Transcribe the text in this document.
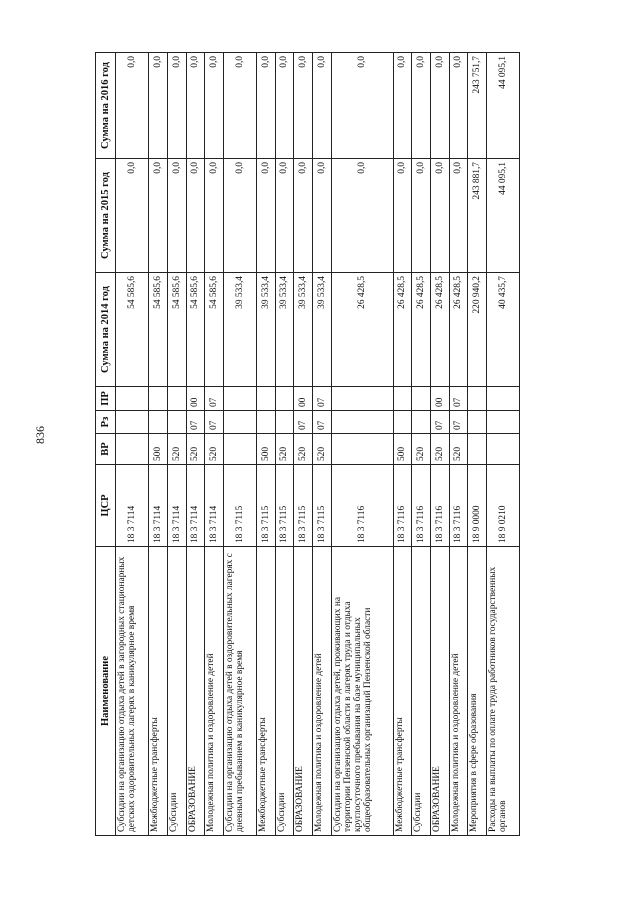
836
Наименование	ЦСР	ВР	Рз	ПР	Сумма на 2014 год	Сумма на 2015 год	Сумма на 2016 год
Субсидии на организацию отдыха детей в загородных стационарных детских оздоровительных лагерях в каникулярное время	18 3 7114				54 585,6	0,0	0,0
Межбюджетные трансферты	18 3 7114	500			54 585,6	0,0	0,0
Субсидии	18 3 7114	520			54 585,6	0,0	0,0
ОБРАЗОВАНИЕ	18 3 7114	520	07	00	54 585,6	0,0	0,0
Молодежная политика и оздоровление детей	18 3 7114	520	07	07	54 585,6	0,0	0,0
Субсидии на организацию отдыха детей в оздоровительных лагерях с дневным пребыванием в каникулярное время	18 3 7115				39 533,4	0,0	0,0
Межбюджетные трансферты	18 3 7115	500			39 533,4	0,0	0,0
Субсидии	18 3 7115	520			39 533,4	0,0	0,0
ОБРАЗОВАНИЕ	18 3 7115	520	07	00	39 533,4	0,0	0,0
Молодежная политика и оздоровление детей	18 3 7115	520	07	07	39 533,4	0,0	0,0
Субсидии на организацию отдыха детей, проживающих на территории Пензенской области в лагерях труда и отдыха круглосуточного пребывания на базе муниципальных общеобразовательных организаций Пензенской области	18 3 7116				26 428,5	0,0	0,0
Межбюджетные трансферты	18 3 7116	500			26 428,5	0,0	0,0
Субсидии	18 3 7116	520			26 428,5	0,0	0,0
ОБРАЗОВАНИЕ	18 3 7116	520	07	00	26 428,5	0,0	0,0
Молодежная политика и оздоровление детей	18 3 7116	520	07	07	26 428,5	0,0	0,0
Мероприятия в сфере образования	18 9 0000				220 940,2	243 881,7	243 751,7
Расходы на выплаты по оплате труда работников государственных органов	18 9 0210				40 435,7	44 095,1	44 095,1
